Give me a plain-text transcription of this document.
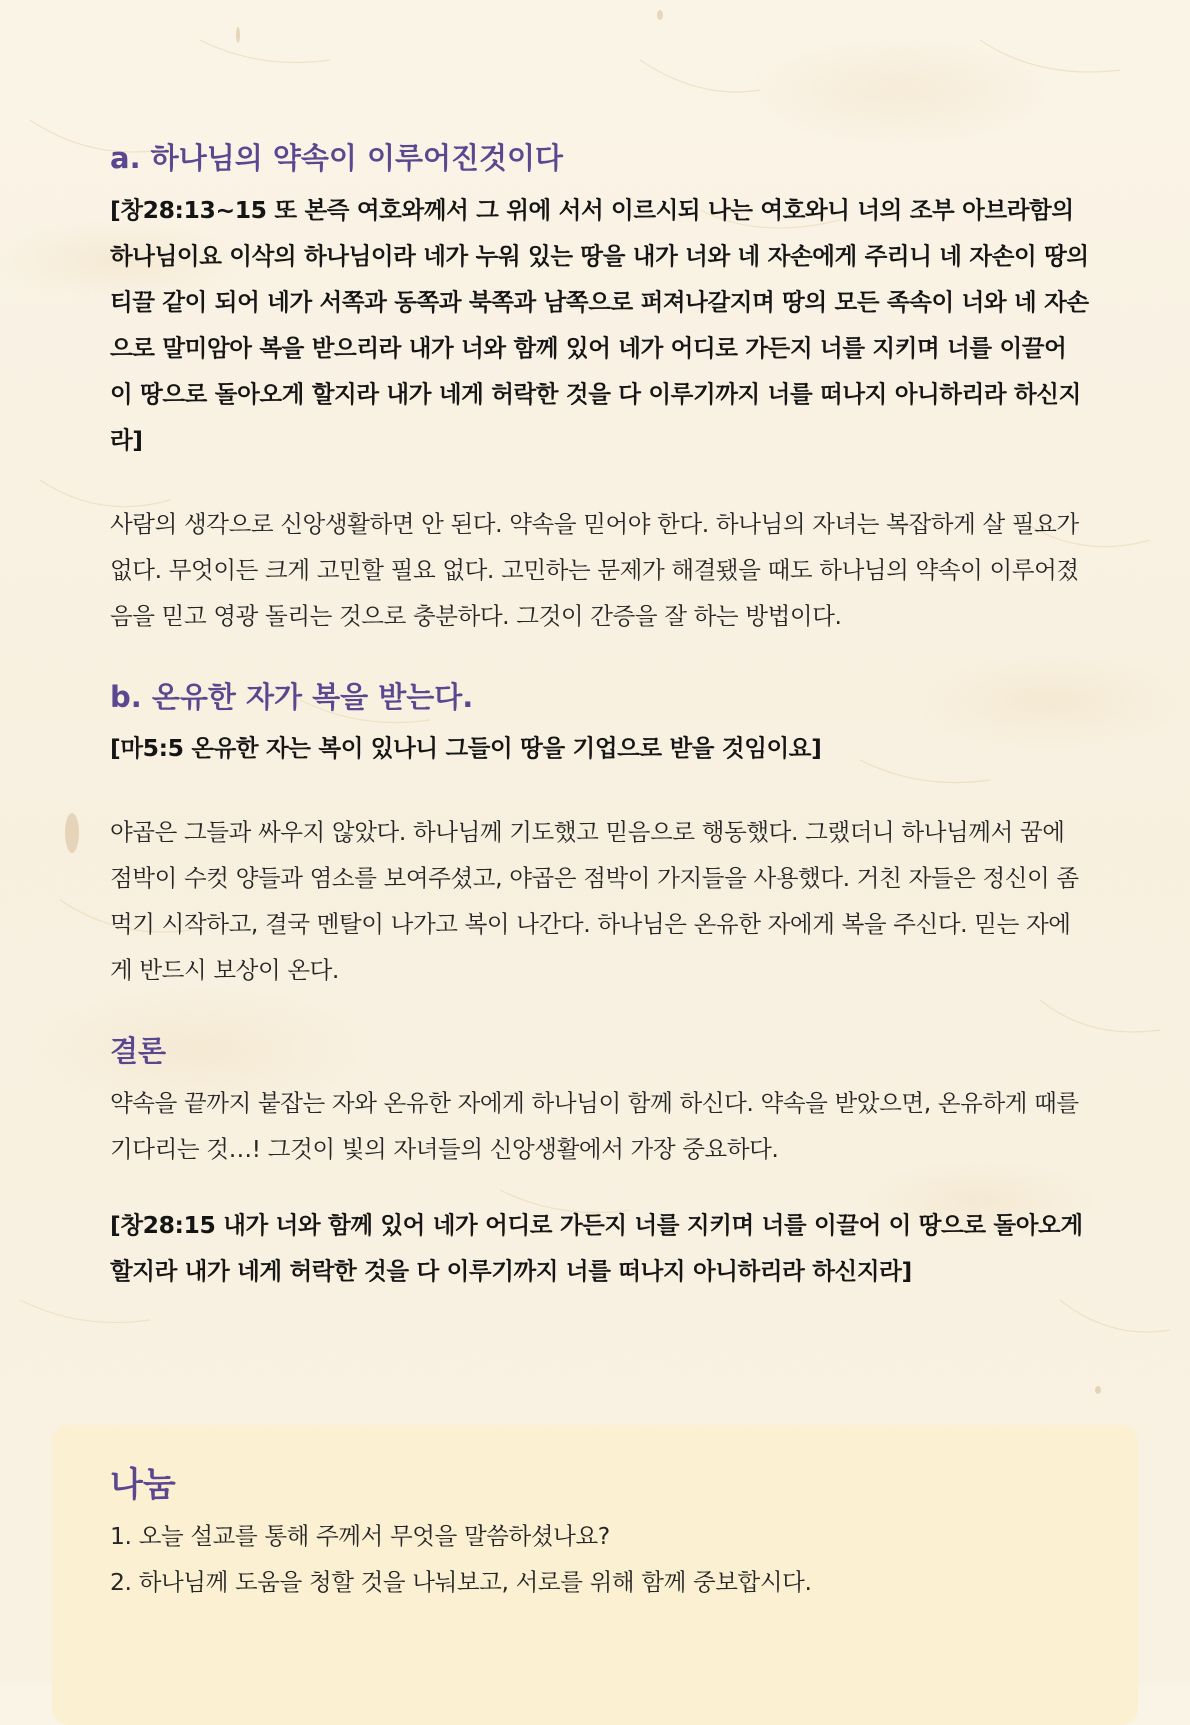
a. 하나님의 약속이 이루어진것이다

[창28:13~15 또 본즉 여호와께서 그 위에 서서 이르시되 나는 여호와니 너의 조부 아브라함의 하나님이요 이삭의 하나님이라 네가 누워 있는 땅을 내가 너와 네 자손에게 주리니 네 자손이 땅의 티끌 같이 되어 네가 서쪽과 동쪽과 북쪽과 남쪽으로 퍼져나갈지며 땅의 모든 족속이 너와 네 자손으로 말미암아 복을 받으리라 내가 너와 함께 있어 네가 어디로 가든지 너를 지키며 너를 이끌어 이 땅으로 돌아오게 할지라 내가 네게 허락한 것을 다 이루기까지 너를 떠나지 아니하리라 하신지라]

사람의 생각으로 신앙생활하면 안 된다. 약속을 믿어야 한다. 하나님의 자녀는 복잡하게 살 필요가 없다. 무엇이든 크게 고민할 필요 없다. 고민하는 문제가 해결됐을 때도 하나님의 약속이 이루어졌음을 믿고 영광 돌리는 것으로 충분하다. 그것이 간증을 잘 하는 방법이다.

b. 온유한 자가 복을 받는다.

[마5:5 온유한 자는 복이 있나니 그들이 땅을 기업으로 받을 것임이요]

야곱은 그들과 싸우지 않았다. 하나님께 기도했고 믿음으로 행동했다. 그랬더니 하나님께서 꿈에 점박이 수컷 양들과 염소를 보여주셨고, 야곱은 점박이 가지들을 사용했다. 거친 자들은 정신이 좀먹기 시작하고, 결국 멘탈이 나가고 복이 나간다. 하나님은 온유한 자에게 복을 주신다. 믿는 자에게 반드시 보상이 온다.

결론

약속을 끝까지 붙잡는 자와 온유한 자에게 하나님이 함께 하신다. 약속을 받았으면, 온유하게 때를 기다리는 것…! 그것이 빛의 자녀들의 신앙생활에서 가장 중요하다.

[창28:15 내가 너와 함께 있어 네가 어디로 가든지 너를 지키며 너를 이끌어 이 땅으로 돌아오게 할지라 내가 네게 허락한 것을 다 이루기까지 너를 떠나지 아니하리라 하신지라]

나눔

1. 오늘 설교를 통해 주께서 무엇을 말씀하셨나요?

2. 하나님께 도움을 청할 것을 나눠보고, 서로를 위해 함께 중보합시다.
